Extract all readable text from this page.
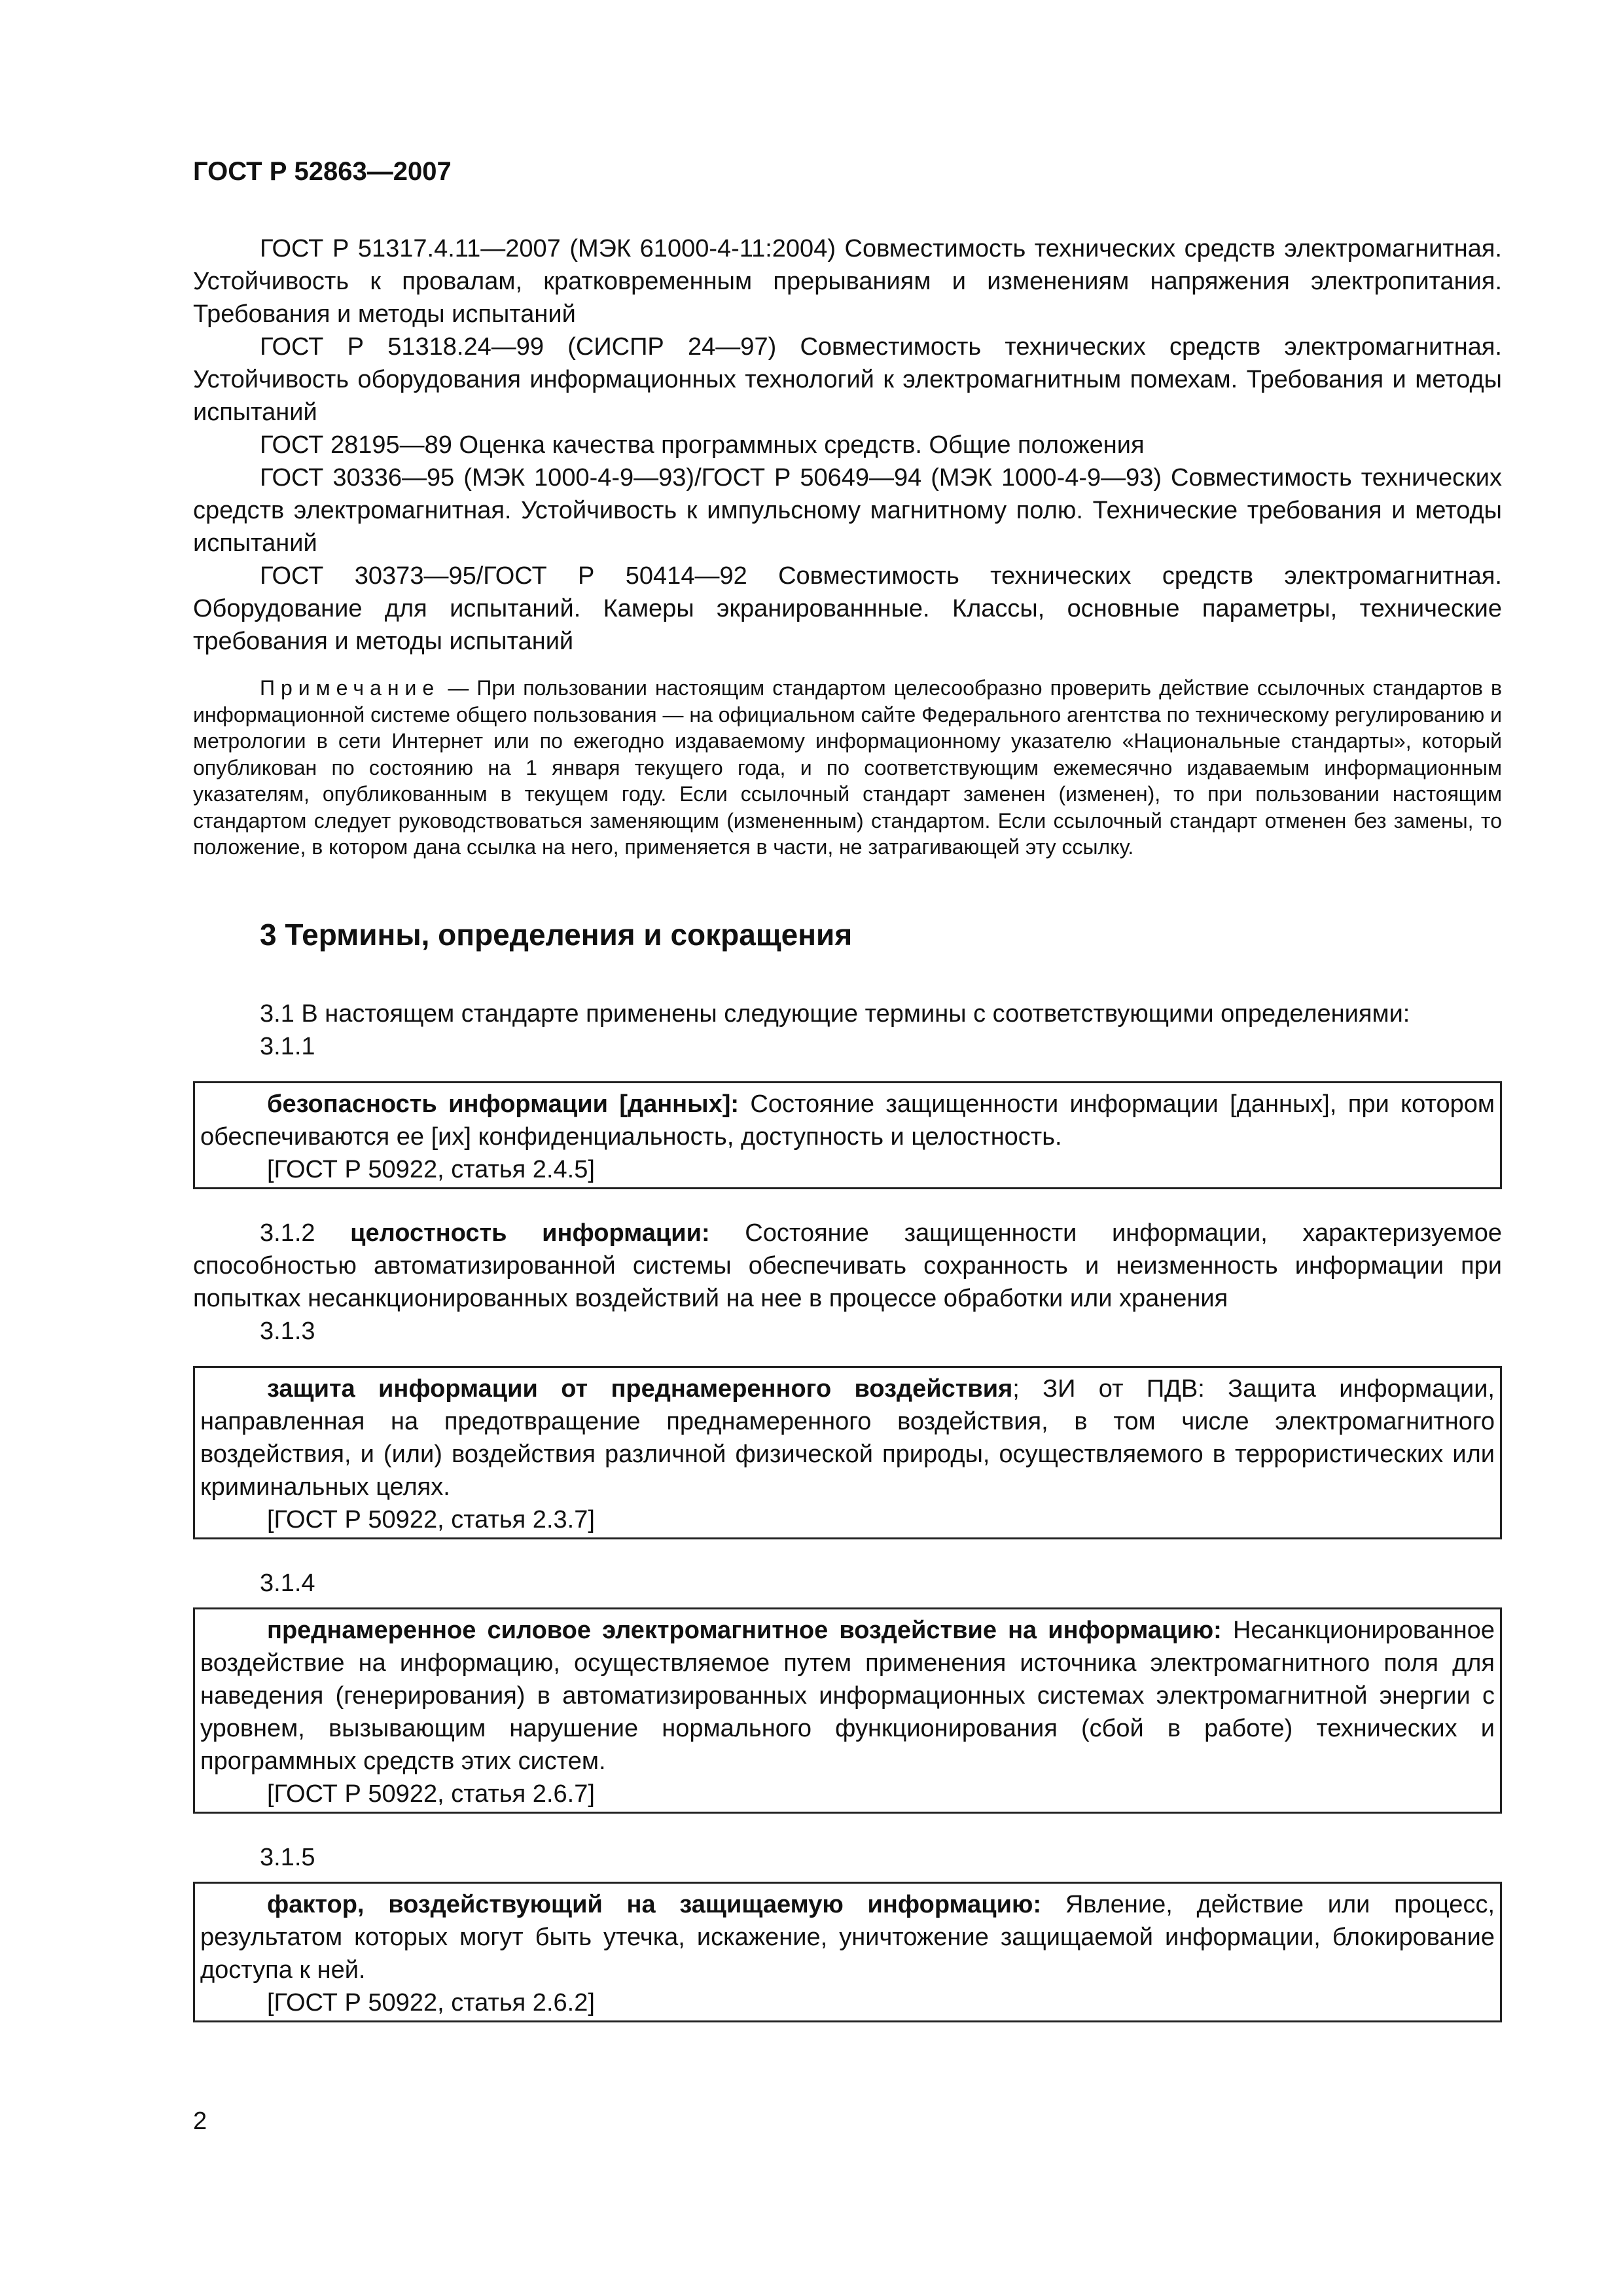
ГОСТ Р 52863—2007

ГОСТ Р 51317.4.11—2007 (МЭК 61000-4-11:2004) Совместимость технических средств электромагнитная. Устойчивость к провалам, кратковременным прерываниям и изменениям напряжения электропитания. Требования и методы испытаний

ГОСТ Р 51318.24—99 (СИСПР 24—97) Совместимость технических средств электромагнитная. Устойчивость оборудования информационных технологий к электромагнитным помехам. Требования и методы испытаний

ГОСТ 28195—89 Оценка качества программных средств. Общие положения

ГОСТ 30336—95 (МЭК 1000-4-9—93)/ГОСТ Р 50649—94 (МЭК 1000-4-9—93) Совместимость технических средств электромагнитная. Устойчивость к импульсному магнитному полю. Технические требования и методы испытаний

ГОСТ 30373—95/ГОСТ Р 50414—92 Совместимость технических средств электромагнитная. Оборудование для испытаний. Камеры экранированнные. Классы, основные параметры, технические требования и методы испытаний

Примечание — При пользовании настоящим стандартом целесообразно проверить действие ссылочных стандартов в информационной системе общего пользования — на официальном сайте Федерального агентства по техническому регулированию и метрологии в сети Интернет или по ежегодно издаваемому информационному указателю «Национальные стандарты», который опубликован по состоянию на 1 января текущего года, и по соответствующим ежемесячно издаваемым информационным указателям, опубликованным в текущем году. Если ссылочный стандарт заменен (изменен), то при пользовании настоящим стандартом следует руководствоваться заменяющим (измененным) стандартом. Если ссылочный стандарт отменен без замены, то положение, в котором дана ссылка на него, применяется в части, не затрагивающей эту ссылку.

3 Термины, определения и сокращения

3.1 В настоящем стандарте применены следующие термины с соответствующими определениями:

3.1.1

безопасность информации [данных]: Состояние защищенности информации [данных], при котором обеспечиваются ее [их] конфиденциальность, доступность и целостность.

[ГОСТ Р 50922, статья 2.4.5]

3.1.2 целостность информации: Состояние защищенности информации, характеризуемое способностью автоматизированной системы обеспечивать сохранность и неизменность информации при попытках несанкционированных воздействий на нее в процессе обработки или хранения

3.1.3

защита информации от преднамеренного воздействия; ЗИ от ПДВ: Защита информации, направленная на предотвращение преднамеренного воздействия, в том числе электромагнитного воздействия, и (или) воздействия различной физической природы, осуществляемого в террористических или криминальных целях.

[ГОСТ Р 50922, статья 2.3.7]
3.1.4

преднамеренное силовое электромагнитное воздействие на информацию: Несанкционированное воздействие на информацию, осуществляемое путем применения источника электромагнитного поля для наведения (генерирования) в автоматизированных информационных системах электромагнитной энергии с уровнем, вызывающим нарушение нормального функционирования (сбой в работе) технических и программных средств этих систем.

[ГОСТ Р 50922, статья 2.6.7]
3.1.5

фактор, воздействующий на защищаемую информацию: Явление, действие или процесс, результатом которых могут быть утечка, искажение, уничтожение защищаемой информации, блокирование доступа к ней.

[ГОСТ Р 50922, статья 2.6.2]
2
